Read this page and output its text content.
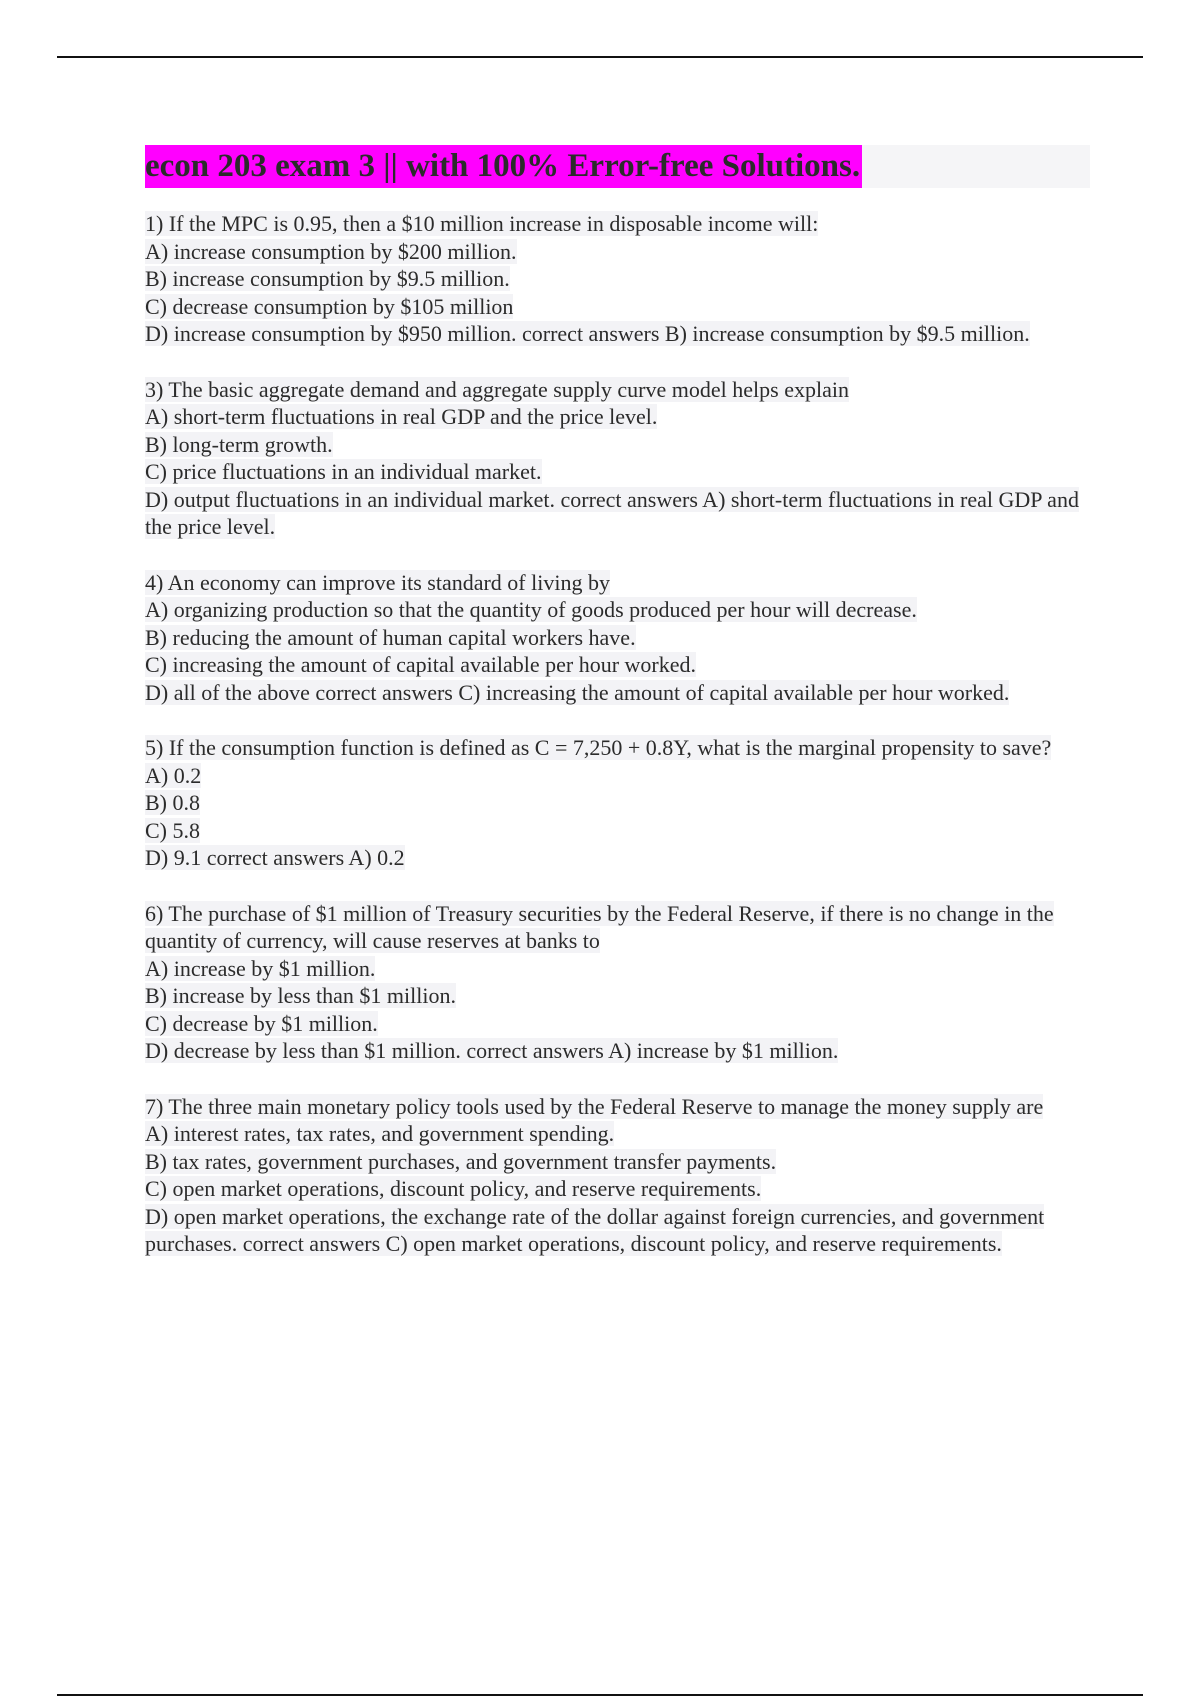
econ 203 exam 3 || with 100% Error-free Solutions.
1) If the MPC is 0.95, then a $10 million increase in disposable income will:
A) increase consumption by $200 million.
B) increase consumption by $9.5 million.
C) decrease consumption by $105 million
D) increase consumption by $950 million. correct answers B) increase consumption by $9.5 million.
3) The basic aggregate demand and aggregate supply curve model helps explain
A) short-term fluctuations in real GDP and the price level.
B) long-term growth.
C) price fluctuations in an individual market.
D) output fluctuations in an individual market. correct answers A) short-term fluctuations in real GDP and the price level.
4) An economy can improve its standard of living by
A) organizing production so that the quantity of goods produced per hour will decrease.
B) reducing the amount of human capital workers have.
C) increasing the amount of capital available per hour worked.
D) all of the above correct answers C) increasing the amount of capital available per hour worked.
5) If the consumption function is defined as C = 7,250 + 0.8Y, what is the marginal propensity to save?
A) 0.2
B) 0.8
C) 5.8
D) 9.1 correct answers A) 0.2
6) The purchase of $1 million of Treasury securities by the Federal Reserve, if there is no change in the quantity of currency, will cause reserves at banks to
A) increase by $1 million.
B) increase by less than $1 million.
C) decrease by $1 million.
D) decrease by less than $1 million. correct answers A) increase by $1 million.
7) The three main monetary policy tools used by the Federal Reserve to manage the money supply are
A) interest rates, tax rates, and government spending.
B) tax rates, government purchases, and government transfer payments.
C) open market operations, discount policy, and reserve requirements.
D) open market operations, the exchange rate of the dollar against foreign currencies, and government purchases. correct answers C) open market operations, discount policy, and reserve requirements.
